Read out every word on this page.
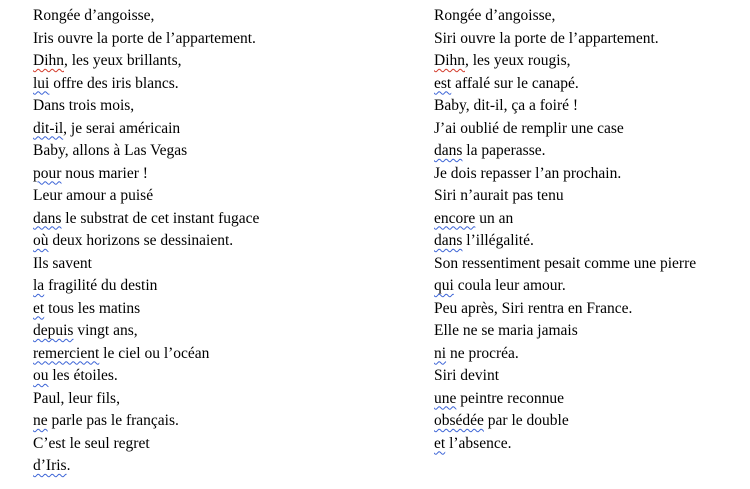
Rongée d’angoisse,
Iris ouvre la porte de l’appartement.
Dihn, les yeux brillants,
lui offre des iris blancs.
Dans trois mois,
dit-il, je serai américain
Baby, allons à Las Vegas
pour nous marier !
Leur amour a puisé
dans le substrat de cet instant fugace
où deux horizons se dessinaient.
Ils savent
la fragilité du destin
et tous les matins
depuis vingt ans,
remercient le ciel ou l’océan
ou les étoiles.
Paul, leur fils,
ne parle pas le français.
C’est le seul regret
d’Iris.
Rongée d’angoisse,
Siri ouvre la porte de l’appartement.
Dihn, les yeux rougis,
est affalé sur le canapé.
Baby, dit-il, ça a foiré !
J’ai oublié de remplir une case
dans la paperasse.
Je dois repasser l’an prochain.
Siri n’aurait pas tenu
encore un an
dans l’illégalité.
Son ressentiment pesait comme une pierre
qui coula leur amour.
Peu après, Siri rentra en France.
Elle ne se maria jamais
ni ne procréa.
Siri devint
une peintre reconnue
obsédée par le double
et l’absence.
